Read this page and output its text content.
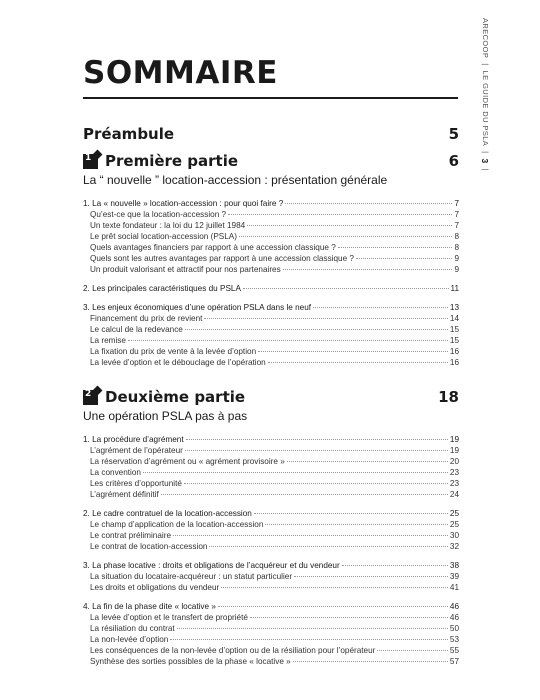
ARECOOP  |  LE GUIDE DU PSLA  |  3  |
SOMMAIRE
Préambule	5
1 Première partie	6
La “ nouvelle ” location-accession : présentation générale
1. La « nouvelle » location-accession : pour quoi faire ?	7
Qu’est-ce que la location-accession ?	7
Un texte fondateur : la loi du 12 juillet 1984	7
Le prêt social location-accession (PSLA)	8
Quels avantages financiers par rapport à une accession classique ?	8
Quels sont les autres avantages par rapport à une accession classique ?	9
Un produit valorisant et attractif pour nos partenaires	9
2. Les principales caractéristiques du PSLA	11
3. Les enjeux économiques d’une opération PSLA dans le neuf	13
Financement du prix de revient	14
Le calcul de la redevance	15
La remise	15
La fixation du prix de vente à la levée d’option	16
La levée d’option et le débouclage de l’opération	16
2 Deuxième partie	18
Une opération PSLA pas à pas
1. La procédure d’agrément	19
L’agrément de l’opérateur	19
La réservation d’agrément ou « agrément provisoire »	20
La convention	23
Les critères d’opportunité	23
L’agrément définitif	24
2. Le cadre contratuel de la location-accession	25
Le champ d’application de la location-accession	25
Le contrat préliminaire	30
Le contrat de location-accession	32
3. La phase locative : droits et obligations de l’acquéreur et du vendeur	38
La situation du locataire-acquéreur : un statut particulier	39
Les droits et obligations du vendeur	41
4. La fin de la phase dite « locative »	46
La levée d’option et le transfert de propriété	46
La résiliation du contrat	50
La non-levée d’option	53
Les conséquences de la non-levée d’option ou de la résiliation pour l’opérateur	55
Synthèse des sorties possibles de la phase « locative »	57
